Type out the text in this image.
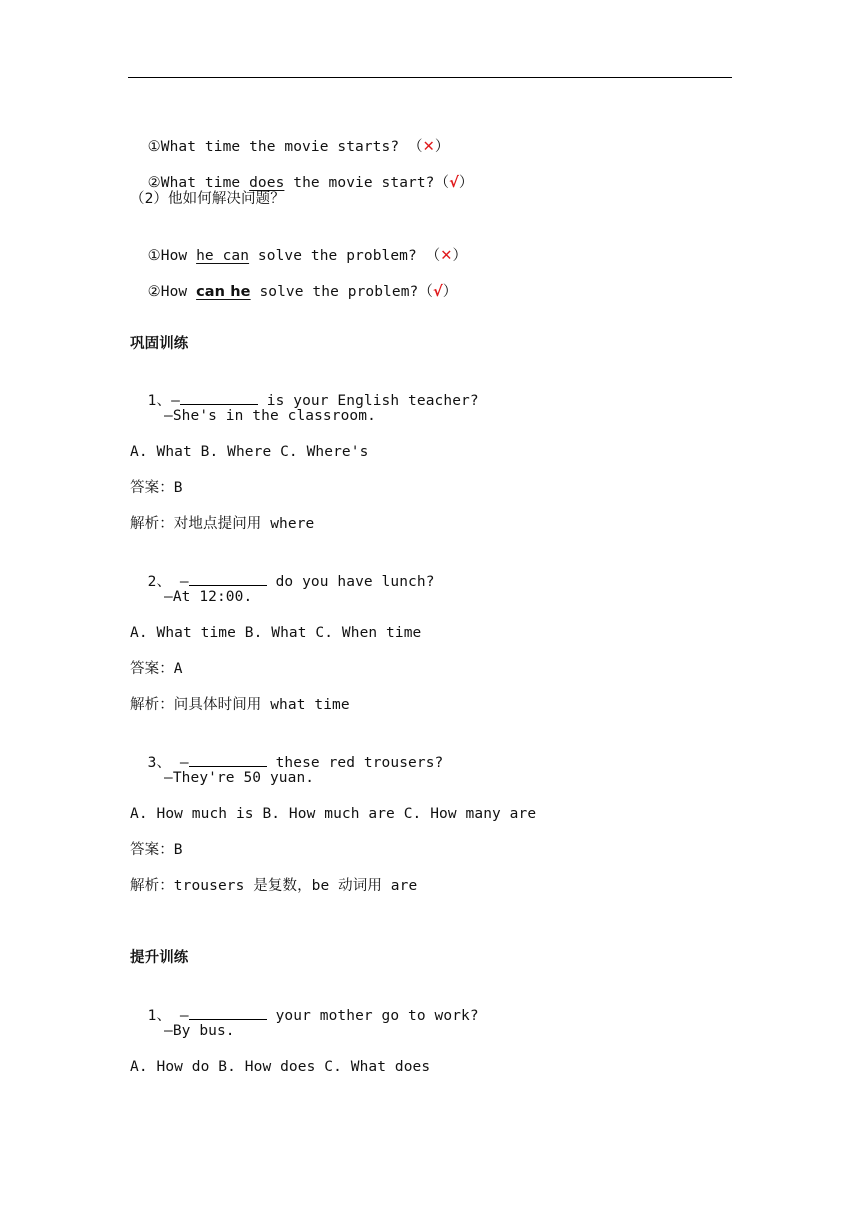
①What time the movie starts? （✕）

②What time does the movie start?（√）

（2）他如何解决问题？

①How he can solve the problem? （✕）

②How can he solve the problem?（√）

巩固训练

1、—	is your English teacher?

—She's in the classroom.
A. What B. Where C. Where's
答案：B
解析：对地点提问用 where

2、 —	do you have lunch?

—At 12:00.
A. What time B. What C. When time
答案：A
解析：问具体时间用 what time

3、 —	these red trousers?

—They're 50 yuan.
A. How much is B. How much are C. How many are
答案：B
解析：trousers 是复数，be 动词用 are
提升训练

1、 —	your mother go to work?

—By bus.
A. How do B. How does C. What does
